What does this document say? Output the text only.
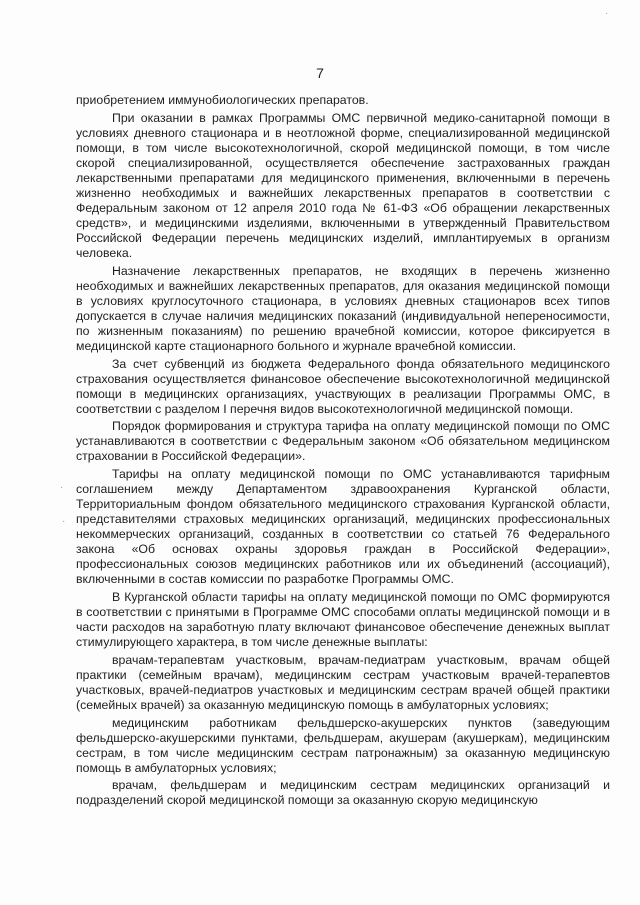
·
·
·
7

приобретением иммунобиологических препаратов.

При оказании в рамках Программы ОМС первичной медико-санитарной помощи в условиях дневного стационара и в неотложной форме, специализированной медицинской помощи, в том числе высокотехнологичной, скорой медицинской помощи, в том числе скорой специализированной, осуществляется обеспечение застрахованных граждан лекарственными препаратами для медицинского применения, включенными в перечень жизненно необходимых и важнейших лекарственных препаратов в соответствии с Федеральным законом от 12 апреля 2010 года № 61-ФЗ «Об обращении лекарственных средств», и медицинскими изделиями, включенными в утвержденный Правительством Российской Федерации перечень медицинских изделий, имплантируемых в организм человека.

Назначение лекарственных препаратов, не входящих в перечень жизненно необходимых и важнейших лекарственных препаратов, для оказания медицинской помощи в условиях круглосуточного стационара, в условиях дневных стационаров всех типов допускается в случае наличия медицинских показаний (индивидуальной непереносимости, по жизненным показаниям) по решению врачебной комиссии, которое фиксируется в медицинской карте стационарного больного и журнале врачебной комиссии.

За счет субвенций из бюджета Федерального фонда обязательного медицинского страхования осуществляется финансовое обеспечение высокотехнологичной медицинской помощи в медицинских организациях, участвующих в реализации Программы ОМС, в соответствии с разделом I перечня видов высокотехнологичной медицинской помощи.

Порядок формирования и структура тарифа на оплату медицинской помощи по ОМС устанавливаются в соответствии с Федеральным законом «Об обязательном медицинском страховании в Российской Федерации».

Тарифы на оплату медицинской помощи по ОМС устанавливаются тарифным соглашением между Департаментом здравоохранения Курганской области, Территориальным фондом обязательного медицинского страхования Курганской области, представителями страховых медицинских организаций, медицинских профессиональных некоммерческих организаций, созданных в соответствии со статьей 76 Федерального закона «Об основах охраны здоровья граждан в Российской Федерации», профессиональных союзов медицинских работников или их объединений (ассоциаций), включенными в состав комиссии по разработке Программы ОМС.

В Курганской области тарифы на оплату медицинской помощи по ОМС формируются в соответствии с принятыми в Программе ОМС способами оплаты медицинской помощи и в части расходов на заработную плату включают финансовое обеспечение денежных выплат стимулирующего характера, в том числе денежные выплаты:

врачам-терапевтам участковым, врачам-педиатрам участковым, врачам общей практики (семейным врачам), медицинским сестрам участковым врачей-терапевтов участковых, врачей-педиатров участковых и медицинским сестрам врачей общей практики (семейных врачей) за оказанную медицинскую помощь в амбулаторных условиях;

медицинским работникам фельдшерско-акушерских пунктов (заведующим фельдшерско-акушерскими пунктами, фельдшерам, акушерам (акушеркам), медицинским сестрам, в том числе медицинским сестрам патронажным) за оказанную медицинскую помощь в амбулаторных условиях;

врачам, фельдшерам и медицинским сестрам медицинских организаций и подразделений скорой медицинской помощи за оказанную скорую медицинскую
